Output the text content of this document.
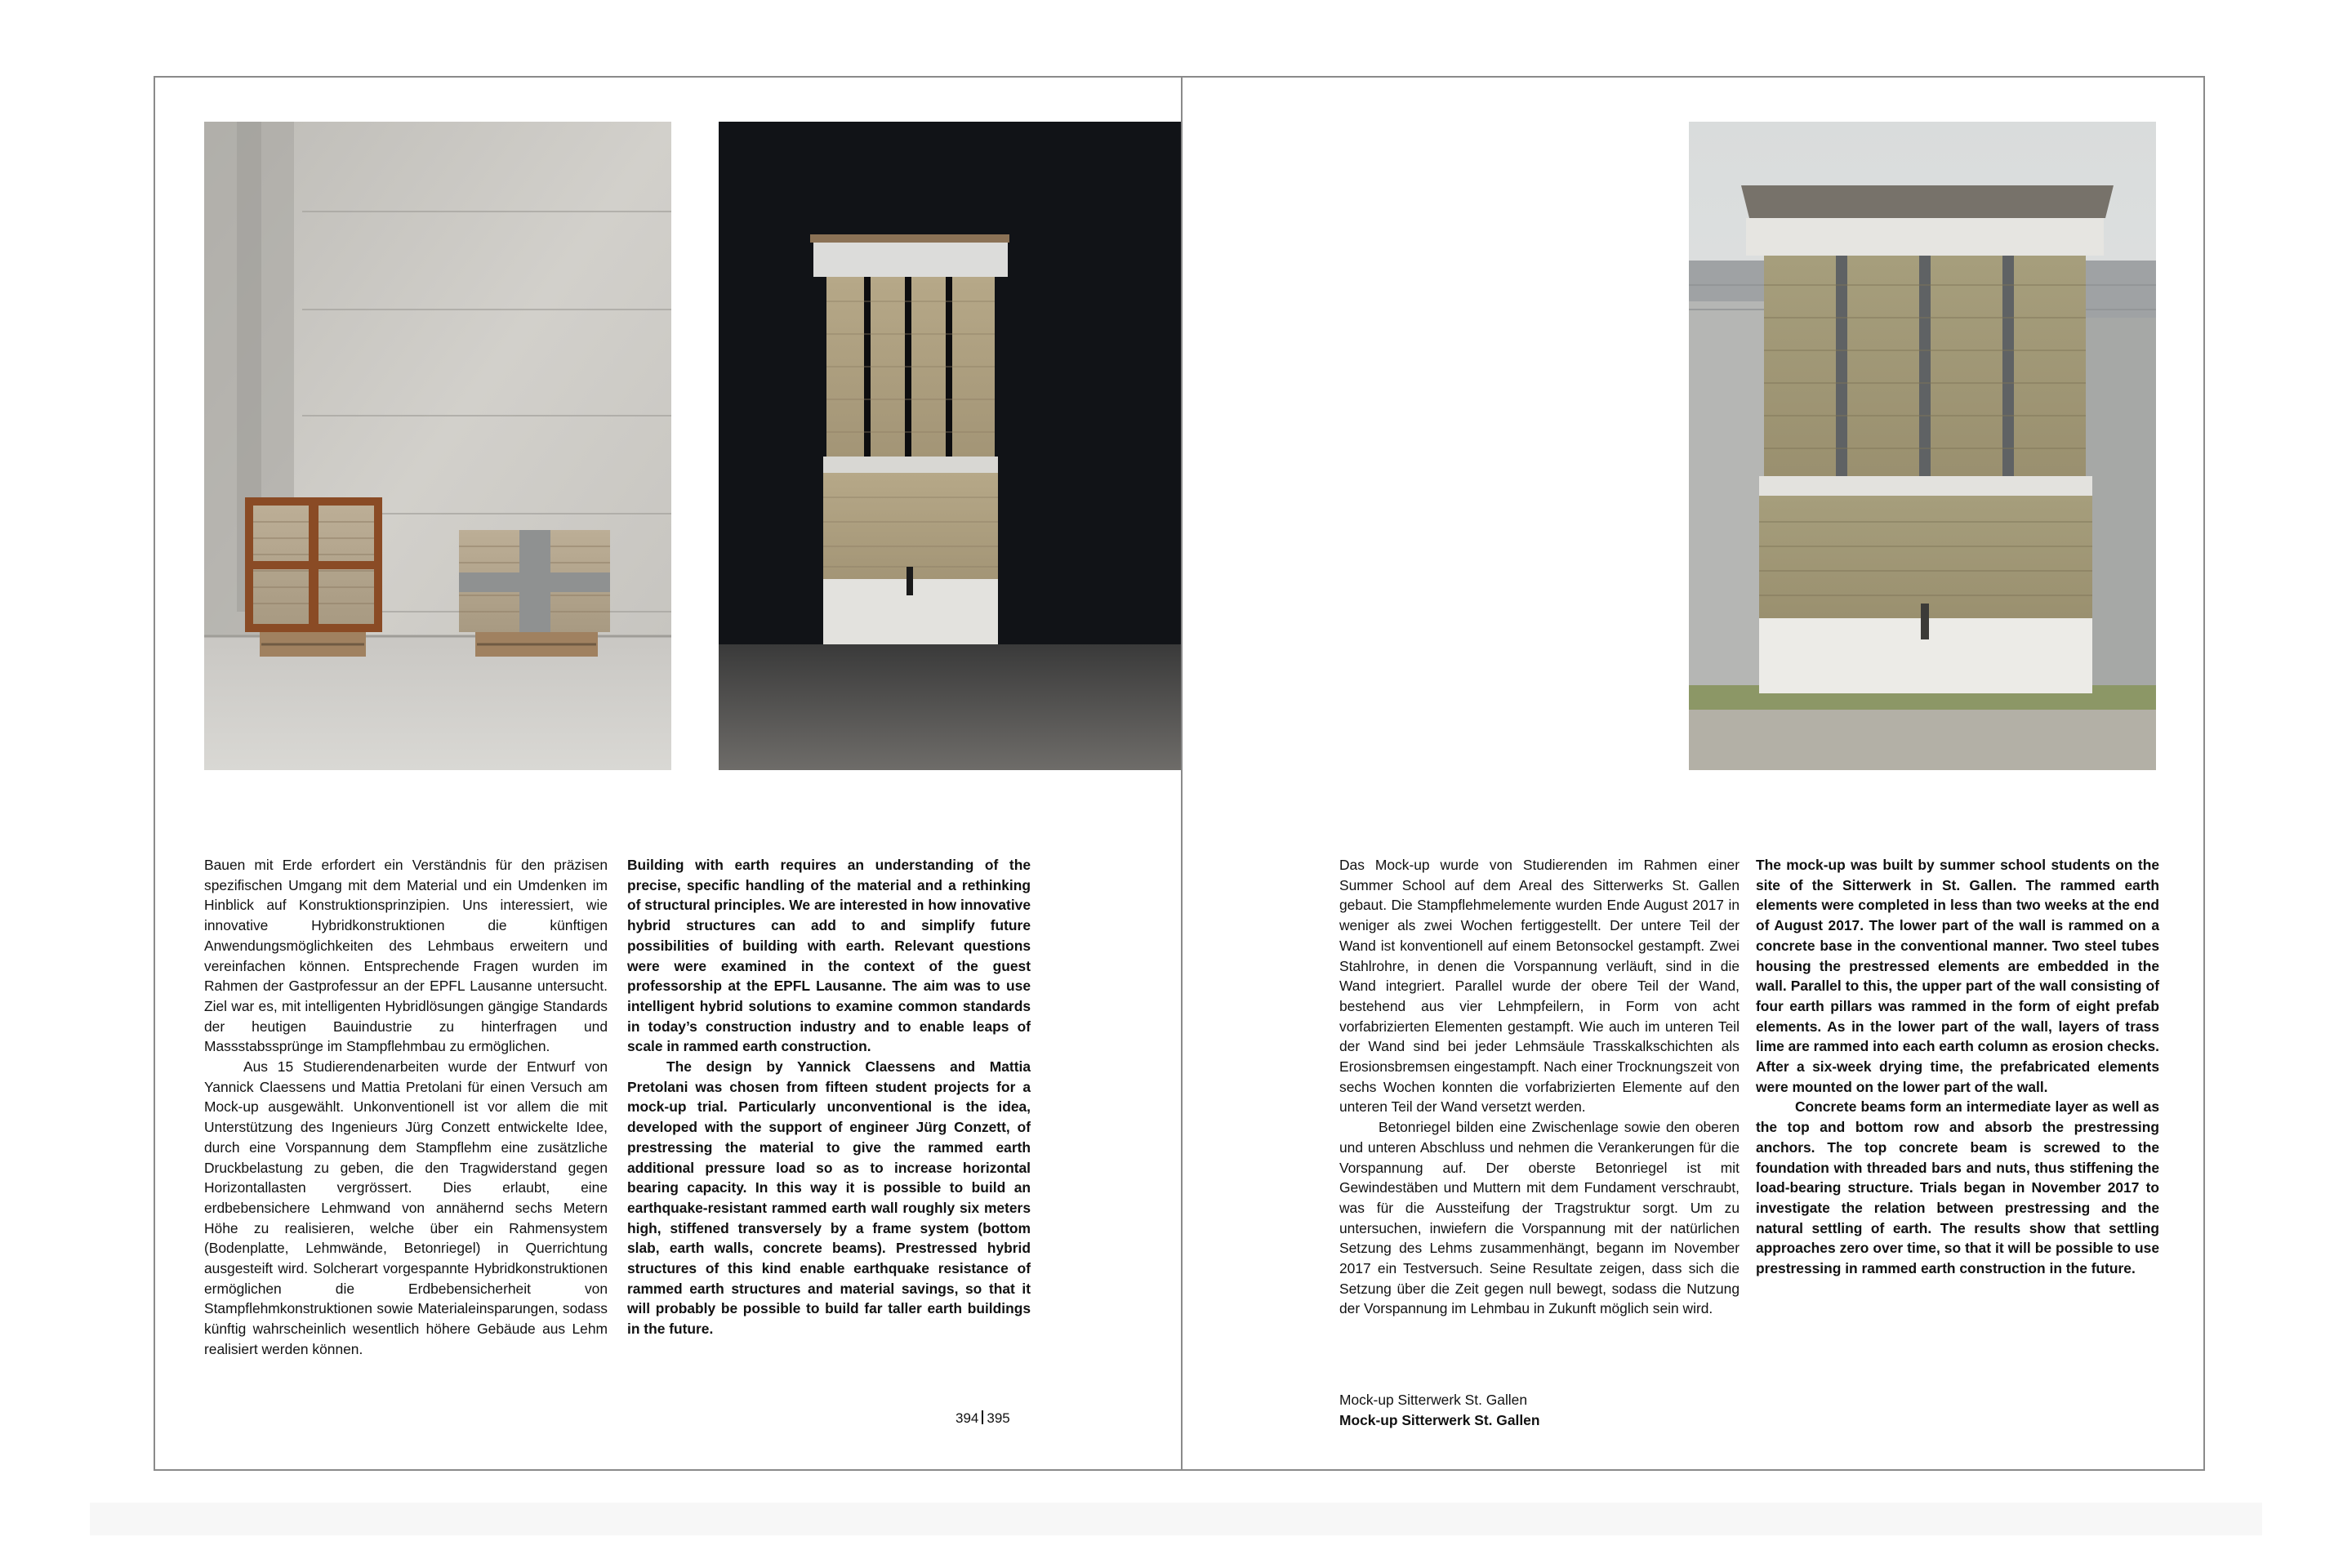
Bauen mit Erde erfordert ein Verständnis für den präzisen spezifischen Umgang mit dem Material und ein Umdenken im Hinblick auf Konstruktionsprinzipien. Uns interessiert, wie innovative Hybridkonstruktionen die künftigen Anwendungsmöglichkeiten des Lehmbaus erweitern und vereinfachen können. Entsprechende Fragen wurden im Rahmen der Gastprofessur an der EPFL Lausanne untersucht. Ziel war es, mit intelligenten Hybridlösungen gängige Standards der heutigen Bauindustrie zu hinterfragen und Massstabssprünge im Stampflehmbau zu ermöglichen.

Aus 15 Studierendenarbeiten wurde der Entwurf von Yannick Claessens und Mattia Pretolani für einen Versuch am Mock-up ausgewählt. Unkonventionell ist vor allem die mit Unterstützung des Ingenieurs Jürg Conzett entwickelte Idee, durch eine Vorspannung dem Stampflehm eine zusätzliche Druckbelastung zu geben, die den Tragwiderstand gegen Horizontallasten vergrössert. Dies erlaubt, eine erdbebensichere Lehmwand von annähernd sechs Metern Höhe zu realisieren, welche über ein Rahmensystem (Bodenplatte, Lehmwände, Betonriegel) in Querrichtung ausgesteift wird. Solcherart vorgespannte Hybridkonstruktionen ermöglichen die Erdbebensicherheit von Stampflehmkonstruktionen sowie Materialeinsparungen, sodass künftig wahrscheinlich wesentlich höhere Gebäude aus Lehm realisiert werden können.

Building with earth requires an understanding of the precise, specific handling of the material and a rethinking of structural principles. We are interested in how innovative hybrid structures can add to and simplify future possibilities of building with earth. Relevant questions were were examined in the context of the guest professorship at the EPFL Lausanne. The aim was to use intelligent hybrid solutions to examine common standards in today’s construction industry and to enable leaps of scale in rammed earth construction.

The design by Yannick Claessens and Mattia Pretolani was chosen from fifteen student projects for a mock-up trial. Particularly unconventional is the idea, developed with the support of engineer Jürg Conzett, of prestressing the material to give the rammed earth additional pressure load so as to increase horizontal bearing capacity. In this way it is possible to build an earthquake-resistant rammed earth wall roughly six meters high, stiffened transversely by a frame system (bottom slab, earth walls, concrete beams). Prestressed hybrid structures of this kind enable earthquake resistance of rammed earth structures and material savings, so that it will probably be possible to build far taller earth buildings in the future.

Das Mock-up wurde von Studierenden im Rahmen einer Summer School auf dem Areal des Sitterwerks St. Gallen gebaut. Die Stampflehmelemente wurden Ende August 2017 in weniger als zwei Wochen fertiggestellt. Der untere Teil der Wand ist konventionell auf einem Betonsockel gestampft. Zwei Stahlrohre, in denen die Vorspannung verläuft, sind in die Wand integriert. Parallel wurde der obere Teil der Wand, bestehend aus vier Lehmpfeilern, in Form von acht vorfabrizierten Elementen gestampft. Wie auch im unteren Teil der Wand sind bei jeder Lehmsäule Trasskalkschichten als Erosionsbremsen eingestampft. Nach einer Trocknungszeit von sechs Wochen konnten die vorfabrizierten Elemente auf den unteren Teil der Wand versetzt werden.

Betonriegel bilden eine Zwischenlage sowie den oberen und unteren Abschluss und nehmen die Verankerungen für die Vorspannung auf. Der oberste Betonriegel ist mit Gewindestäben und Muttern mit dem Fundament verschraubt, was für die Aussteifung der Tragstruktur sorgt. Um zu untersuchen, inwiefern die Vorspannung mit der natürlichen Setzung des Lehms zusammenhängt, begann im November 2017 ein Testversuch. Seine Resultate zeigen, dass sich die Setzung über die Zeit gegen null bewegt, sodass die Nutzung der Vorspannung im Lehmbau in Zukunft möglich sein wird.

The mock-up was built by summer school students on the site of the Sitterwerk in St. Gallen. The rammed earth elements were completed in less than two weeks at the end of August 2017. The lower part of the wall is rammed on a concrete base in the conventional manner. Two steel tubes housing the prestressed elements are embedded in the wall. Parallel to this, the upper part of the wall consisting of four earth pillars was rammed in the form of eight prefab elements. As in the lower part of the wall, layers of trass lime are rammed into each earth column as erosion checks. After a six-week drying time, the prefabricated elements were mounted on the lower part of the wall.

Concrete beams form an intermediate layer as well as the top and bottom row and absorb the prestressing anchors. The top concrete beam is screwed to the foundation with threaded bars and nuts, thus stiffening the load-bearing structure. Trials began in November 2017 to investigate the relation between prestressing and the natural settling of earth. The results show that settling approaches zero over time, so that it will be possible to use prestressing in rammed earth construction in the future.

394 395
Mock-up Sitterwerk St. Gallen
Mock-up Sitterwerk St. Gallen
